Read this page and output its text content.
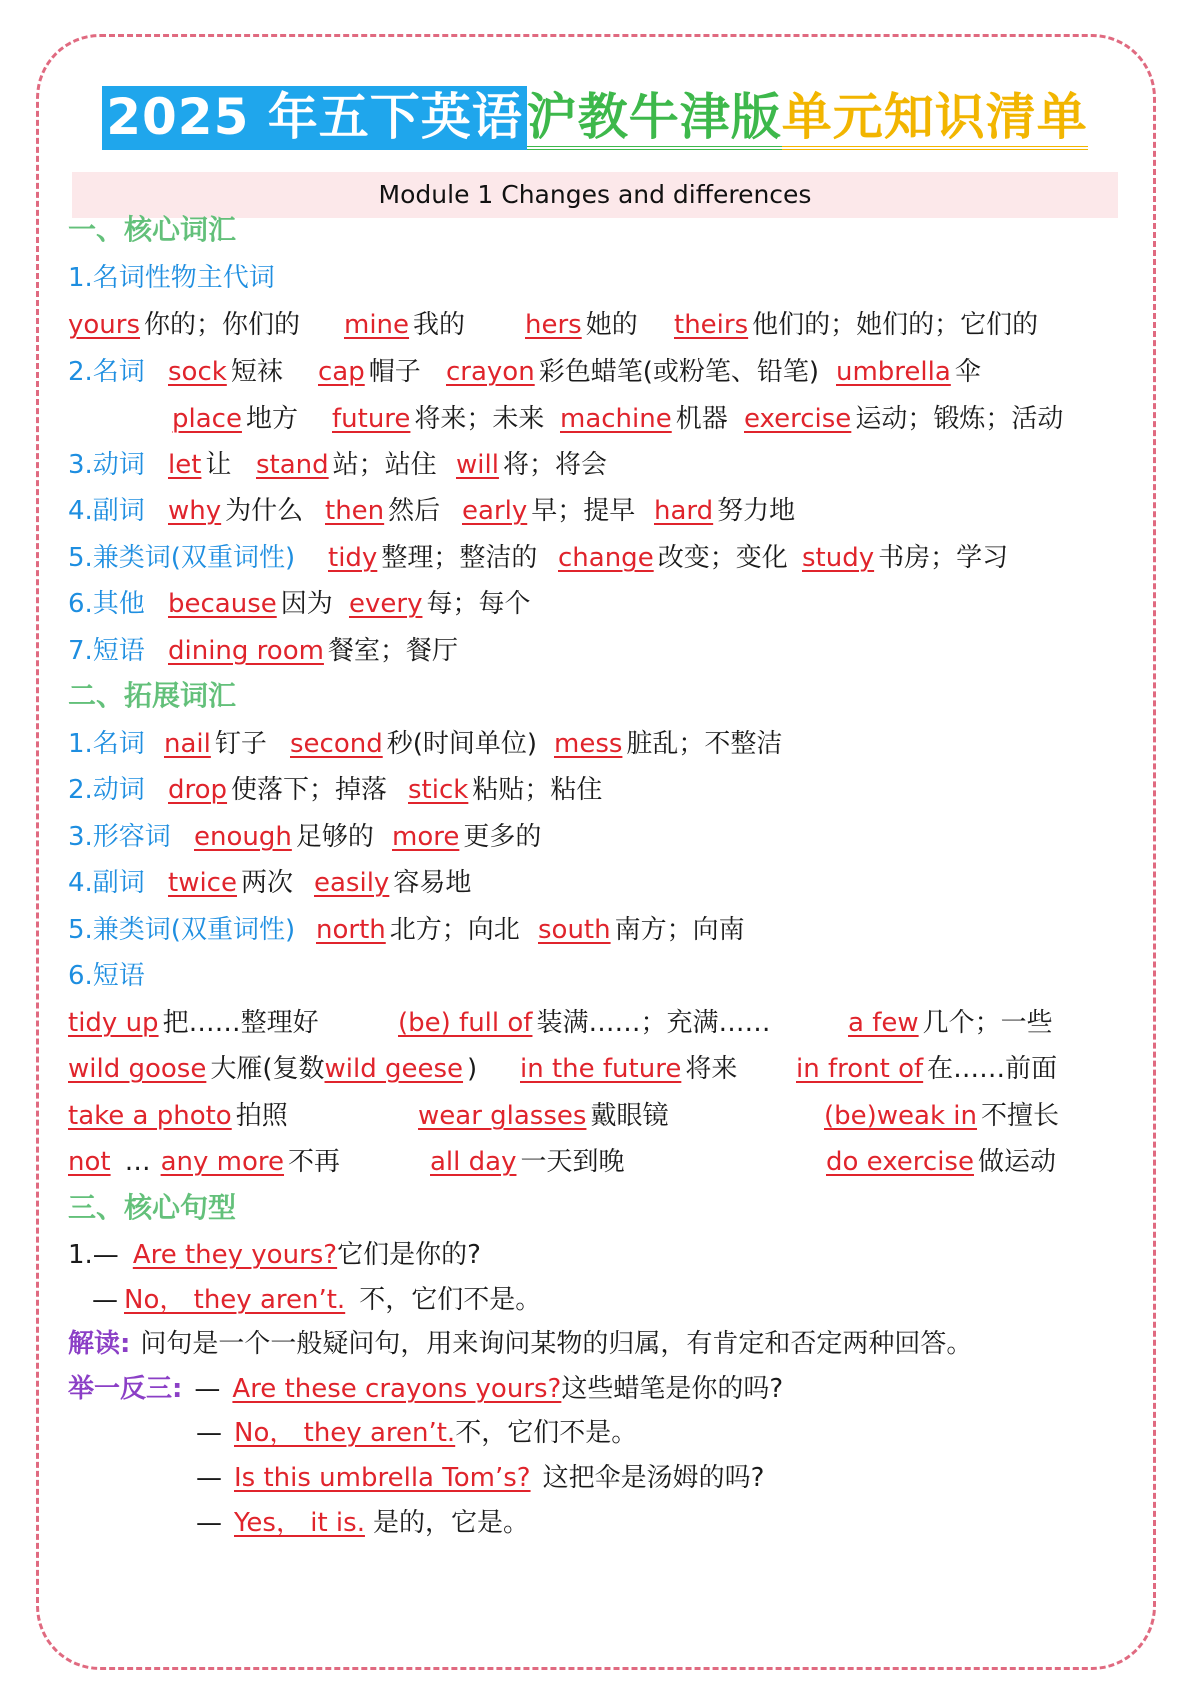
2025 年五下英语沪教牛津版单元知识清单
Module 1 Changes and differences
一、核心词汇
1.名词性物主代词
yours 你的；你们的 mine 我的 hers 她的 theirs 他们的；她们的；它们的
2.名词 sock 短袜 cap 帽子 crayon 彩色蜡笔(或粉笔、铅笔) umbrella 伞
place 地方 future 将来；未来 machine 机器 exercise 运动；锻炼；活动
3.动词 let 让 stand 站；站住 will 将；将会
4.副词 why 为什么 then 然后 early 早；提早 hard 努力地
5.兼类词(双重词性) tidy 整理；整洁的 change 改变；变化 study 书房；学习
6.其他 because 因为 every 每；每个
7.短语 dining room 餐室；餐厅
二、拓展词汇
1.名词 nail 钉子 second 秒(时间单位) mess 脏乱；不整洁
2.动词 drop 使落下；掉落 stick 粘贴；粘住
3.形容词 enough 足够的 more 更多的
4.副词 twice 两次 easily 容易地
5.兼类词(双重词性) north 北方；向北 south 南方；向南
6.短语
tidy up 把……整理好	(be) full of 装满……；充满……	a few 几个；一些
wild goose 大雁(复数wild geese ) in the future 将来 in front of 在……前面
take a photo 拍照	wear glasses 戴眼镜	(be)weak in 不擅长
not … any more 不再	all day 一天到晚	do exercise 做运动
三、核心句型
1.— Are they yours?它们是你的?
— No， they aren’t. 不，它们不是。
解读: 问句是一个一般疑问句，用来询问某物的归属，有肯定和否定两种回答。
举一反三: — Are these crayons yours?这些蜡笔是你的吗?
— No， they aren’t.不，它们不是。
— Is this umbrella Tom’s? 这把伞是汤姆的吗?
— Yes， it is. 是的，它是。
